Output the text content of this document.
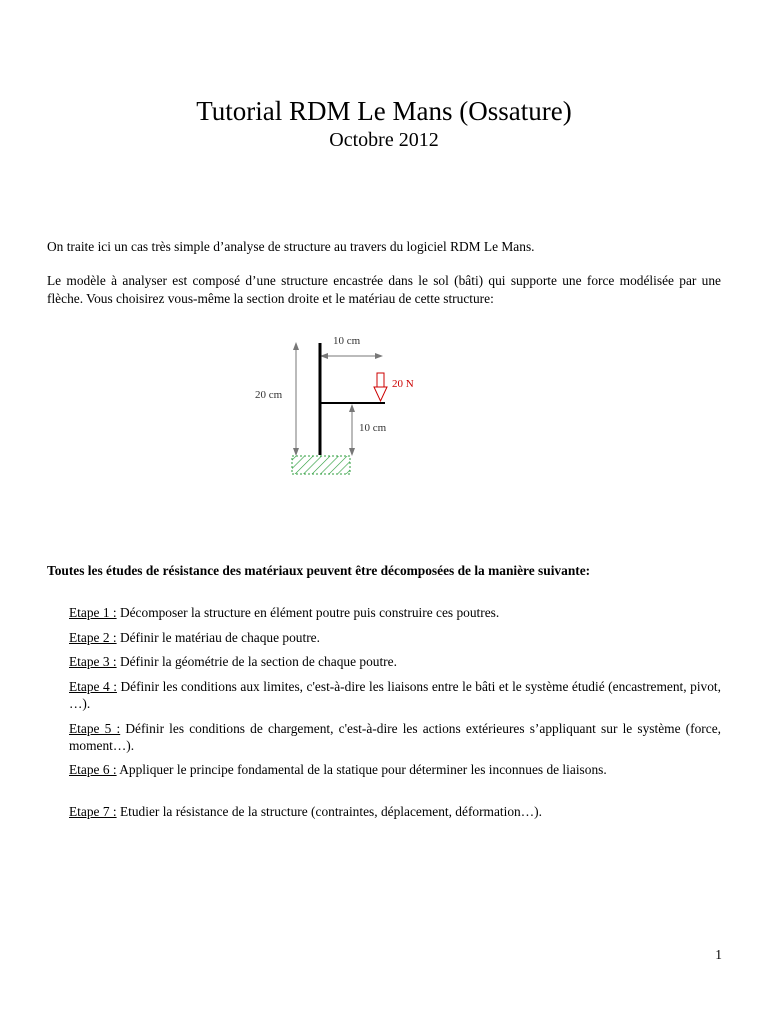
Tutorial RDM Le Mans (Ossature)
Octobre 2012
On traite ici un cas très simple d’analyse de structure au travers du logiciel RDM Le Mans.
Le modèle à analyser est composé d’une structure encastrée dans le sol (bâti) qui supporte une force modélisée par une flèche. Vous choisirez vous-même la section droite et le matériau de cette structure:
20 cm
10 cm
20 N
10 cm
Toutes les études de résistance des matériaux peuvent être décomposées de la manière suivante:
Etape 1 : Décomposer la structure en élément poutre puis construire ces poutres.
Etape 2 : Définir le matériau de chaque poutre.
Etape 3 : Définir la géométrie de la section de chaque poutre.
Etape 4 : Définir les conditions aux limites, c'est-à-dire les liaisons entre le bâti et le système étudié (encastrement, pivot, …).
Etape 5 : Définir les conditions de chargement, c'est-à-dire les actions extérieures s’appliquant sur le système (force, moment…).
Etape 6 : Appliquer le principe fondamental de la statique pour déterminer les inconnues de liaisons.
Etape 7 : Etudier la résistance de la structure (contraintes, déplacement, déformation…).
1
